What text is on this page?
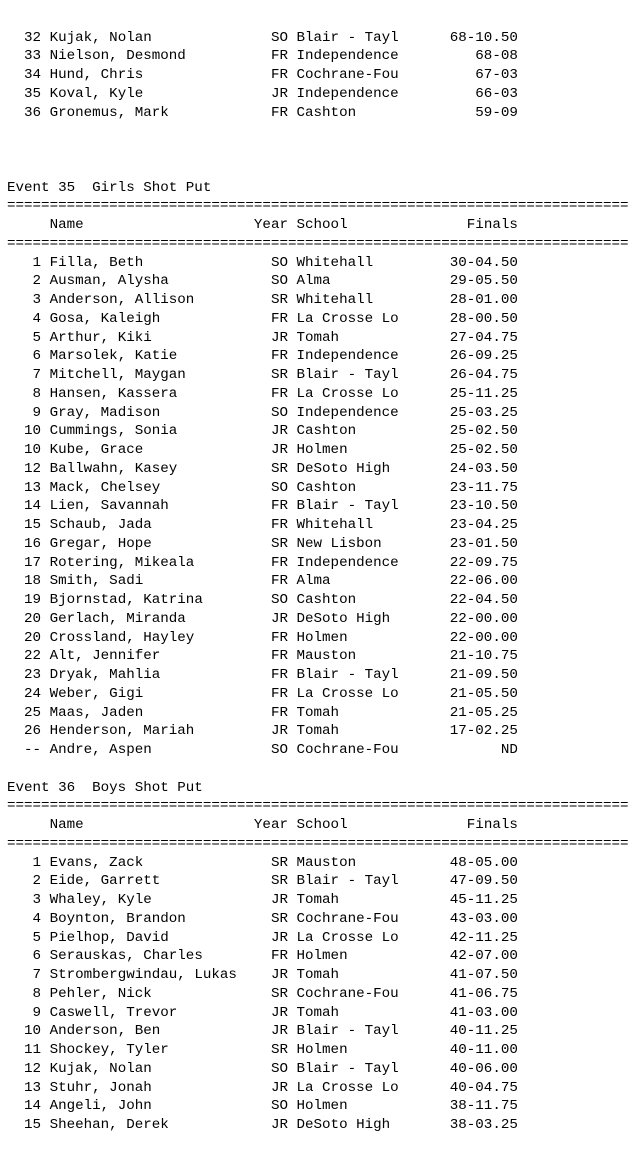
32 Kujak, Nolan              SO Blair - Tayl      68-10.50
33 Nielson, Desmond          FR Independence         68-08
34 Hund, Chris               FR Cochrane-Fou         67-03
35 Koval, Kyle               JR Independence         66-03
36 Gronemus, Mark            FR Cashton              59-09

Event 35  Girls Shot Put
=========================================================================
Name                    Year School              Finals
=========================================================================
1 Filla, Beth               SO Whitehall         30-04.50
2 Ausman, Alysha            SO Alma              29-05.50
3 Anderson, Allison         SR Whitehall         28-01.00
4 Gosa, Kaleigh             FR La Crosse Lo      28-00.50
5 Arthur, Kiki              JR Tomah             27-04.75
6 Marsolek, Katie           FR Independence      26-09.25
7 Mitchell, Maygan          SR Blair - Tayl      26-04.75
8 Hansen, Kassera           FR La Crosse Lo      25-11.25
9 Gray, Madison             SO Independence      25-03.25
10 Cummings, Sonia           JR Cashton           25-02.50
10 Kube, Grace               JR Holmen            25-02.50
12 Ballwahn, Kasey           SR DeSoto High       24-03.50
13 Mack, Chelsey             SO Cashton           23-11.75
14 Lien, Savannah            FR Blair - Tayl      23-10.50
15 Schaub, Jada              FR Whitehall         23-04.25
16 Gregar, Hope              SR New Lisbon        23-01.50
17 Rotering, Mikeala         FR Independence      22-09.75
18 Smith, Sadi               FR Alma              22-06.00
19 Bjornstad, Katrina        SO Cashton           22-04.50
20 Gerlach, Miranda          JR DeSoto High       22-00.00
20 Crossland, Hayley         FR Holmen            22-00.00
22 Alt, Jennifer             FR Mauston           21-10.75
23 Dryak, Mahlia             FR Blair - Tayl      21-09.50
24 Weber, Gigi               FR La Crosse Lo      21-05.50
25 Maas, Jaden               FR Tomah             21-05.25
26 Henderson, Mariah         JR Tomah             17-02.25
-- Andre, Aspen              SO Cochrane-Fou            ND

Event 36  Boys Shot Put
=========================================================================
Name                    Year School              Finals
=========================================================================
1 Evans, Zack               SR Mauston           48-05.00
2 Eide, Garrett             SR Blair - Tayl      47-09.50
3 Whaley, Kyle              JR Tomah             45-11.25
4 Boynton, Brandon          SR Cochrane-Fou      43-03.00
5 Pielhop, David            JR La Crosse Lo      42-11.25
6 Serauskas, Charles        FR Holmen            42-07.00
7 Strombergwindau, Lukas    JR Tomah             41-07.50
8 Pehler, Nick              SR Cochrane-Fou      41-06.75
9 Caswell, Trevor           JR Tomah             41-03.00
10 Anderson, Ben             JR Blair - Tayl      40-11.25
11 Shockey, Tyler            SR Holmen            40-11.00
12 Kujak, Nolan              SO Blair - Tayl      40-06.00
13 Stuhr, Jonah              JR La Crosse Lo      40-04.75
14 Angeli, John              SO Holmen            38-11.75
15 Sheehan, Derek            JR DeSoto High       38-03.25
